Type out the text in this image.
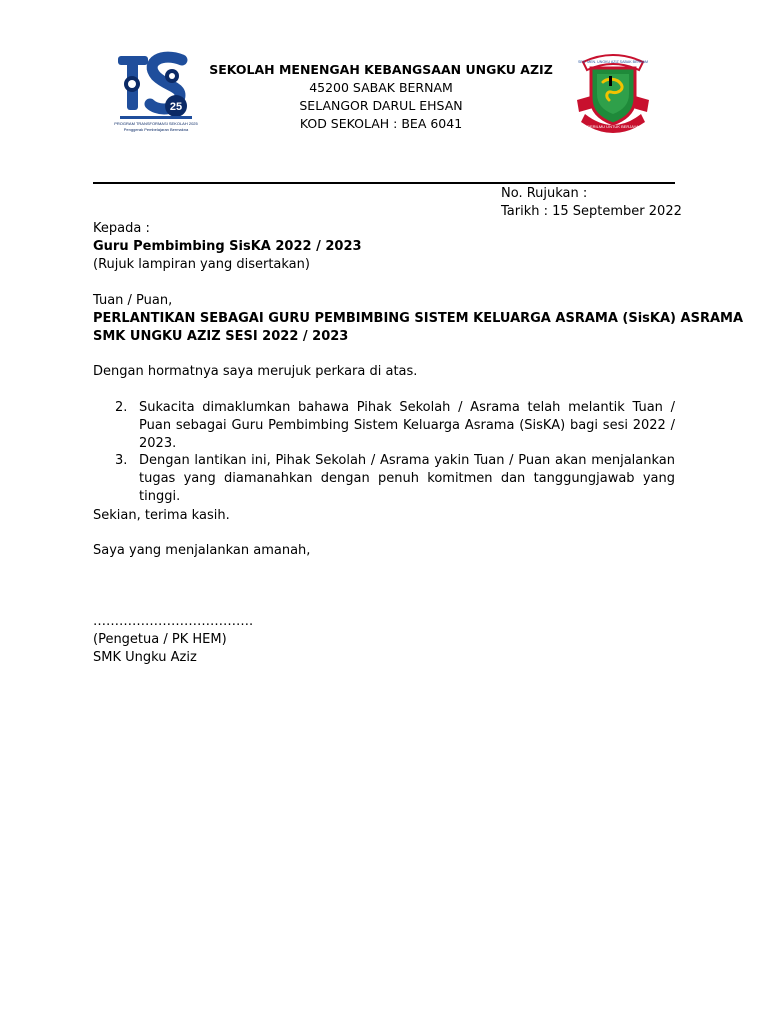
25
PROGRAM TRANSFORMASI SEKOLAH 2025
Penggerak Pembelajaran Bermakna
SEKOLAH MENENGAH KEBANGSAAN UNGKU AZIZ
45200 SABAK BERNAM
SELANGOR DARUL EHSAN
KOD SEKOLAH : BEA 6041
SEK. MEN. UNGKU AZIZ SABAK BERNAM
BERILMU UNTUK BERJAYA
No. Rujukan :
Tarikh : 15 September 2022
Kepada :
Guru Pembimbing SisKA 2022 / 2023
(Rujuk lampiran yang disertakan)
Tuan / Puan,
PERLANTIKAN SEBAGAI GURU PEMBIMBING SISTEM KELUARGA ASRAMA (SisKA) ASRAMA
SMK UNGKU AZIZ SESI 2022 / 2023
Dengan hormatnya saya merujuk perkara di atas.
2. Sukacita dimaklumkan bahawa Pihak Sekolah / Asrama telah melantik Tuan / Puan sebagai Guru Pembimbing Sistem Keluarga Asrama (SisKA) bagi sesi 2022 / 2023.
3. Dengan lantikan ini, Pihak Sekolah / Asrama yakin Tuan / Puan akan menjalankan tugas yang diamanahkan dengan penuh komitmen dan tanggungjawab yang tinggi.
Sekian, terima kasih.
Saya yang menjalankan amanah,
……………………………….
(Pengetua / PK HEM)
SMK Ungku Aziz
